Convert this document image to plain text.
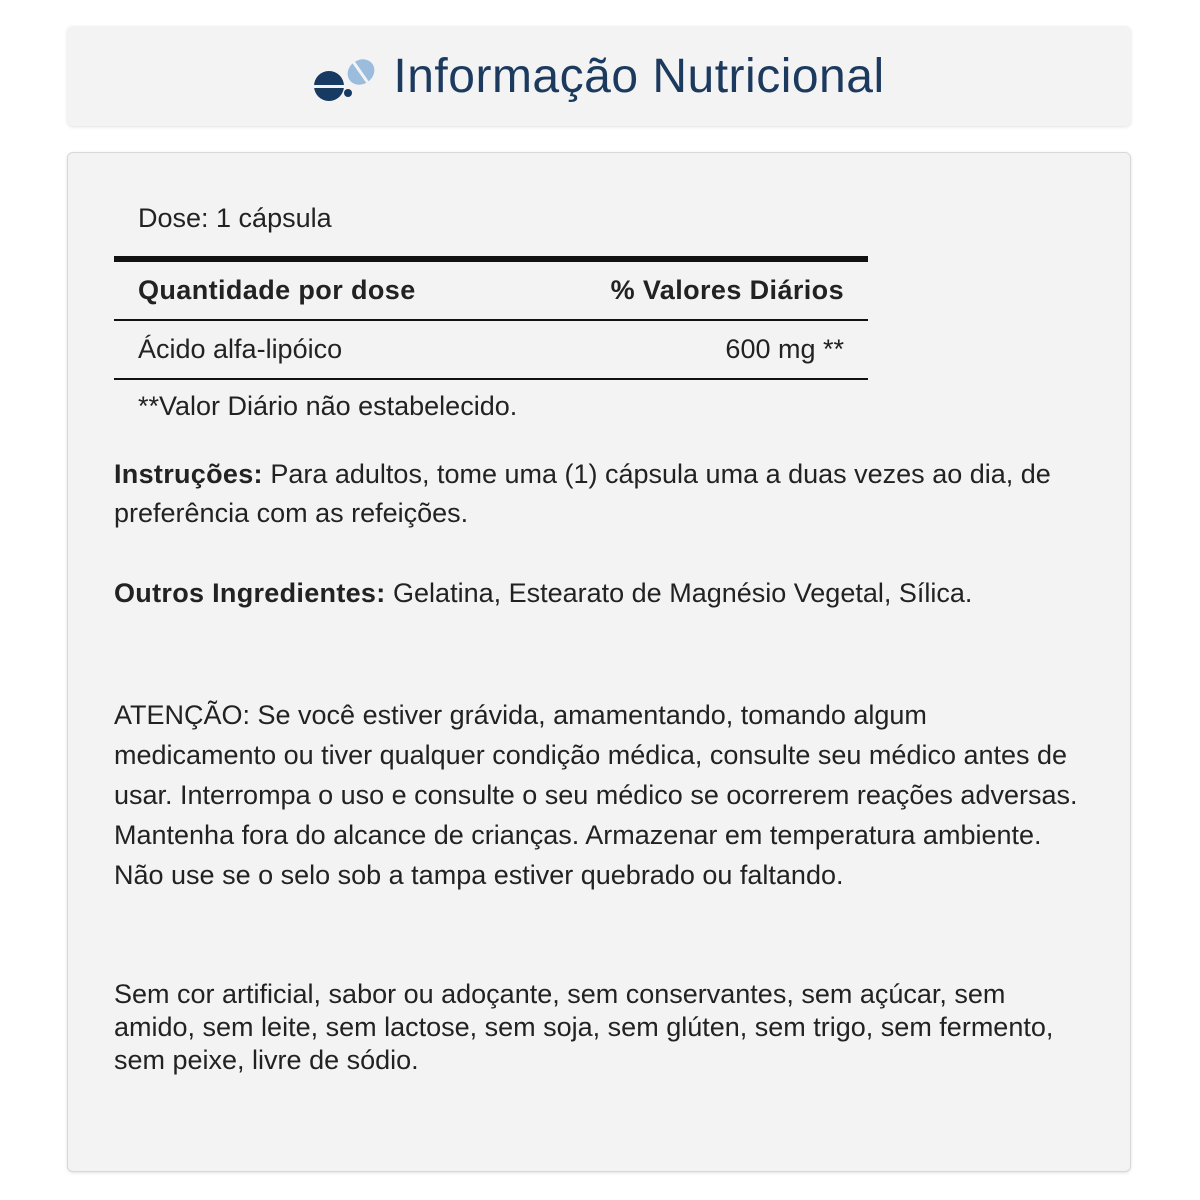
Informação Nutricional
Dose: 1 cápsula
Quantidade por dose	% Valores Diários
Ácido alfa-lipóico	600 mg **
**Valor Diário não estabelecido.
Instruções: Para adultos, tome uma (1) cápsula uma a duas vezes ao dia, de preferência com as refeições.
Outros Ingredientes: Gelatina, Estearato de Magnésio Vegetal, Sílica.
ATENÇÃO: Se você estiver grávida, amamentando, tomando algum medicamento ou tiver qualquer condição médica, consulte seu médico antes de usar. Interrompa o uso e consulte o seu médico se ocorrerem reações adversas. Mantenha fora do alcance de crianças. Armazenar em temperatura ambiente. Não use se o selo sob a tampa estiver quebrado ou faltando.
Sem cor artificial, sabor ou adoçante, sem conservantes, sem açúcar, sem amido, sem leite, sem lactose, sem soja, sem glúten, sem trigo, sem fermento, sem peixe, livre de sódio.
